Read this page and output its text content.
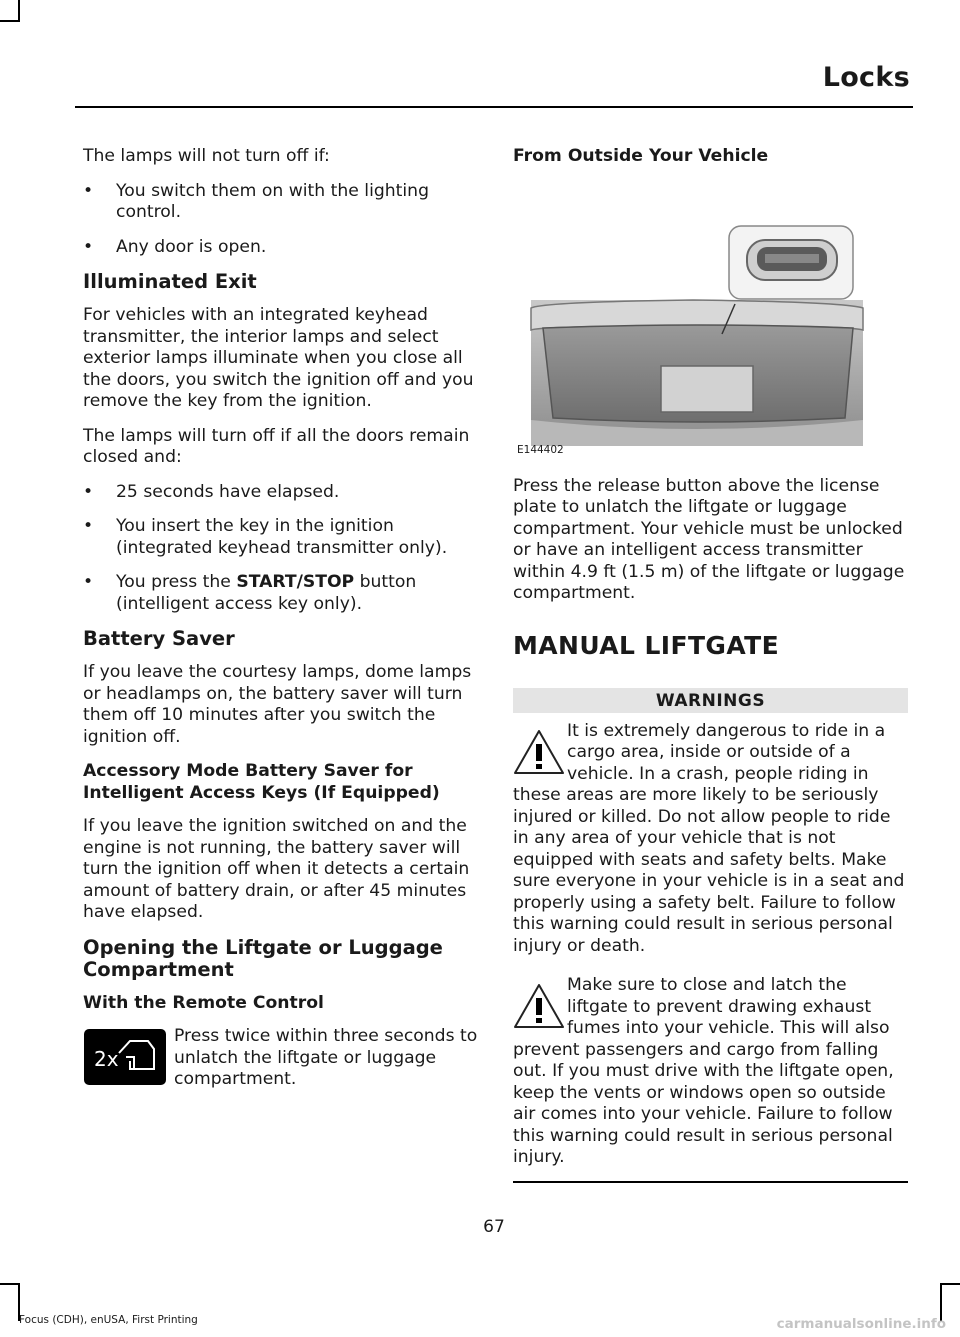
Locks

The lamps will not turn off if:

•	You switch them on with the lighting control.
•	Any door is open.
Illuminated Exit

For vehicles with an integrated keyhead transmitter, the interior lamps and select exterior lamps illuminate when you close all the doors, you switch the ignition off and you remove the key from the ignition.

The lamps will turn off if all the doors remain closed and:

•	25 seconds have elapsed.
•	You insert the key in the ignition (integrated keyhead transmitter only).
•	You press the START/STOP button (intelligent access key only).
Battery Saver

If you leave the courtesy lamps, dome lamps or headlamps on, the battery saver will turn them off 10 minutes after you switch the ignition off.

Accessory Mode Battery Saver for Intelligent Access Keys (If Equipped)

If you leave the ignition switched on and the engine is not running, the battery saver will turn the ignition off when it detects a certain amount of battery drain, or after 45 minutes have elapsed.

Opening the Liftgate or Luggage Compartment
With the Remote Control
2x
Press twice within three seconds to unlatch the liftgate or luggage compartment.
From Outside Your Vehicle
E144402

Press the release button above the license plate to unlatch the liftgate or luggage compartment. Your vehicle must be unlocked or have an intelligent access transmitter within 4.9 ft (1.5 m) of the liftgate or luggage compartment.

MANUAL LIFTGATE
WARNINGS
It is extremely dangerous to ride in a cargo area, inside or outside of a vehicle. In a crash, people riding in these areas are more likely to be seriously injured or killed. Do not allow people to ride in any area of your vehicle that is not equipped with seats and safety belts. Make sure everyone in your vehicle is in a seat and properly using a safety belt. Failure to follow this warning could result in serious personal injury or death.
Make sure to close and latch the liftgate to prevent drawing exhaust fumes into your vehicle. This will also prevent passengers and cargo from falling out. If you must drive with the liftgate open, keep the vents or windows open so outside air comes into your vehicle. Failure to follow this warning could result in serious personal injury.
67
Focus (CDH), enUSA, First Printing	carmanualsonline.info
